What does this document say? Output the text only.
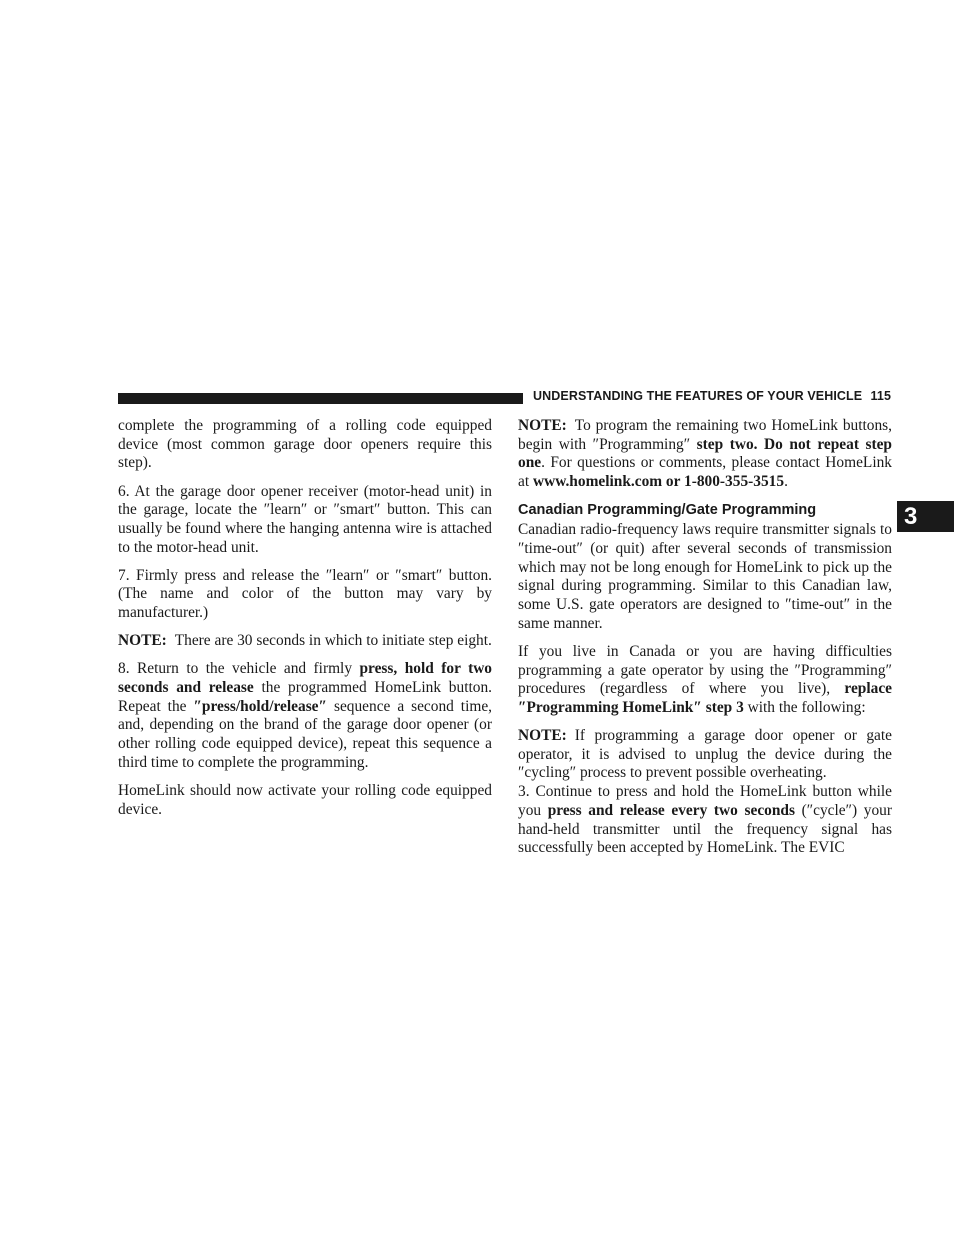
UNDERSTANDING THE FEATURES OF YOUR VEHICLE 115
3

complete the programming of a rolling code equipped device (most common garage door openers require this step).

6. At the garage door opener receiver (motor-head unit) in the garage, locate the ″learn″ or ″smart″ button. This can usually be found where the hanging antenna wire is attached to the motor-head unit.

7. Firmly press and release the ″learn″ or ″smart″ button. (The name and color of the button may vary by manufacturer.)

NOTE: There are 30 seconds in which to initiate step eight.

8. Return to the vehicle and firmly press, hold for two seconds and release the programmed HomeLink button. Repeat the ″press/hold/release″ sequence a second time, and, depending on the brand of the garage door opener (or other rolling code equipped device), repeat this sequence a third time to complete the programming.

HomeLink should now activate your rolling code equipped device.

NOTE: To program the remaining two HomeLink buttons, begin with ″Programming″ step two. Do not repeat step one. For questions or comments, please contact HomeLink at www.homelink.com or 1-800-355-3515.

Canadian Programming/Gate Programming

Canadian radio-frequency laws require transmitter signals to ″time-out″ (or quit) after several seconds of transmission which may not be long enough for HomeLink to pick up the signal during programming. Similar to this Canadian law, some U.S. gate operators are designed to ″time-out″ in the same manner.

If you live in Canada or you are having difficulties programming a gate operator by using the ″Programming″ procedures (regardless of where you live), replace ″Programming HomeLink″ step 3 with the following:

NOTE: If programming a garage door opener or gate operator, it is advised to unplug the device during the ″cycling″ process to prevent possible overheating.

3. Continue to press and hold the HomeLink button while you press and release every two seconds (″cycle″) your hand-held transmitter until the frequency signal has successfully been accepted by HomeLink. The EVIC
